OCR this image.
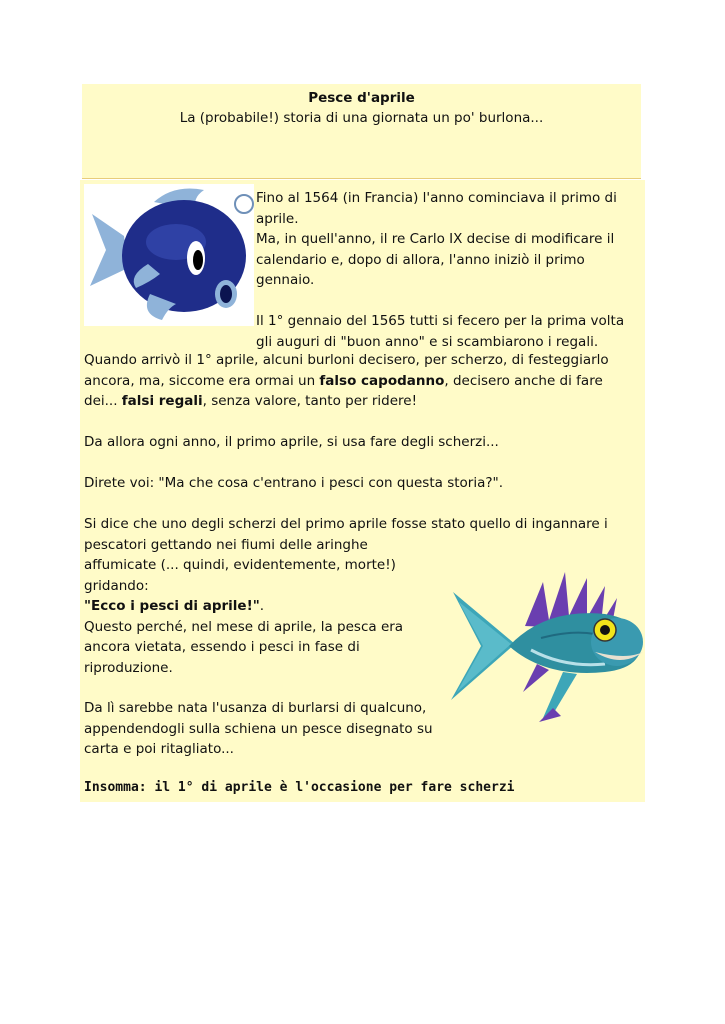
Pesce d'aprile
La (probabile!) storia di una giornata un po' burlona...
Fino al 1564 (in Francia) l'anno cominciava il primo di
aprile.
Ma, in quell'anno, il re Carlo IX decise di modificare il
calendario e, dopo di allora, l'anno iniziò il primo gennaio.
Il 1° gennaio del 1565 tutti si fecero per la prima volta
gli auguri di "buon anno" e si scambiarono i regali.
Quando arrivò il 1° aprile, alcuni burloni decisero, per scherzo, di festeggiarlo
ancora, ma, siccome era ormai un falso capodanno, decisero anche di fare
dei... falsi regali, senza valore, tanto per ridere!
Da allora ogni anno, il primo aprile, si usa fare degli scherzi...
Direte voi: "Ma che cosa c'entrano i pesci con questa storia?".
Si dice che uno degli scherzi del primo aprile fosse stato quello di ingannare i
pescatori gettando nei fiumi delle aringhe
affumicate (... quindi, evidentemente, morte!)
gridando:
"Ecco i pesci di aprile!".
Questo perché, nel mese di aprile, la pesca era
ancora vietata, essendo i pesci in fase di
riproduzione.
Da lì sarebbe nata l'usanza di burlarsi di qualcuno,
appendendogli sulla schiena un pesce disegnato su
carta e poi ritagliato...
Insomma: il 1° di aprile è l'occasione per fare scherzi
